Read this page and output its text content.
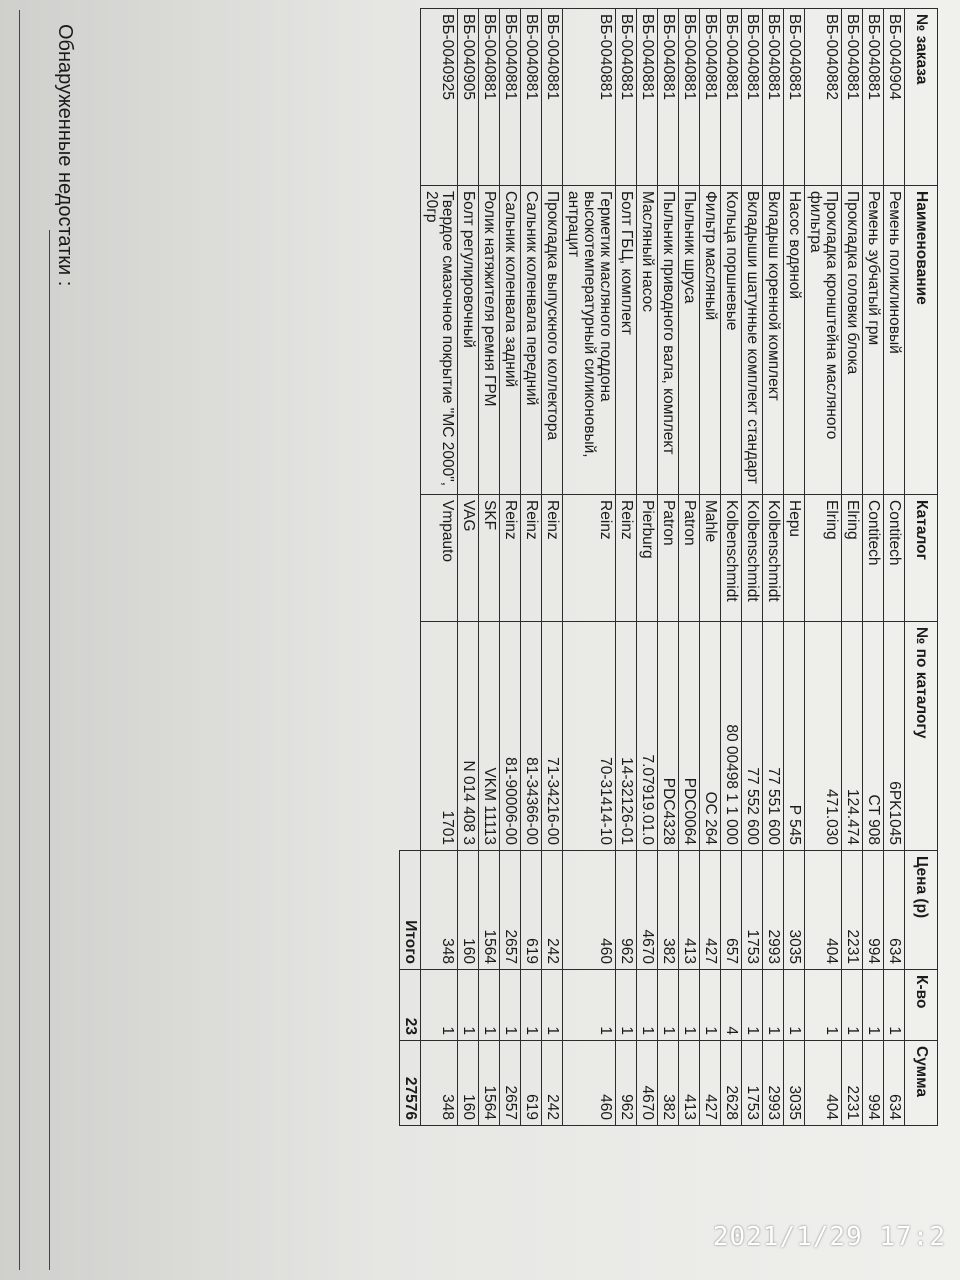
№ заказа	Наименование	Каталог	№ по каталогу	Цена (р)	К-во	Сумма
ВБ-0040904	Ремень поликлиновый	Contitech	6PK1045	634	1	634
ВБ-0040881	Ремень зубчатый грм	Contitech	CT 908	994	1	994
ВБ-0040881	Прокладка головки блока	Elring	124.474	2231	1	2231
ВБ-0040882	Прокладка кронштейна масляного фильтра	Elring	471.030	404	1	404
ВБ-0040881	Насос водяной	Hepu	P 545	3035	1	3035
ВБ-0040881	Вкладыш коренной комплект	Kolbenschmidt	77 551 600	2993	1	2993
ВБ-0040881	Вкладыши шатунные комплект стандарт	Kolbenschmidt	77 552 600	1753	1	1753
ВБ-0040881	Кольца поршневые	Kolbenschmidt	80 00498 1 1 000	657	4	2628
ВБ-0040881	Фильтр масляный	Mahle	OC 264	427	1	427
ВБ-0040881	Пыльник шруса	Patron	PDC0064	413	1	413
ВБ-0040881	Пыльник приводного вала, комплект	Patron	PDC4328	382	1	382
ВБ-0040881	Масляный насос	Pierburg	7.07919.01.0	4670	1	4670
ВБ-0040881	Болт ГБЦ, комплект	Reinz	14-32126-01	962	1	962
ВБ-0040881	Герметик масляного поддона высокотемпературный силиконовый, антрацит	Reinz	70-31414-10	460	1	460
ВБ-0040881	Прокладка выпускного коллектора	Reinz	71-34216-00	242	1	242
ВБ-0040881	Сальник коленвала передний	Reinz	81-34366-00	619	1	619
ВБ-0040881	Сальник коленвала задний	Reinz	81-90006-00	2657	1	2657
ВБ-0040881	Ролик натяжителя ремня ГРМ	SKF	VKM 11113	1564	1	1564
ВБ-0040905	Болт регулировочный	VAG	N 014 408 3	160	1	160
ВБ-0040925	Твердое смазочное покрытие "МС 2000", 20гр	Vmpauto	1701	348	1	348
				Итого	23	27576
Обнаруженные недостатки :
2021/1/29 17:2
